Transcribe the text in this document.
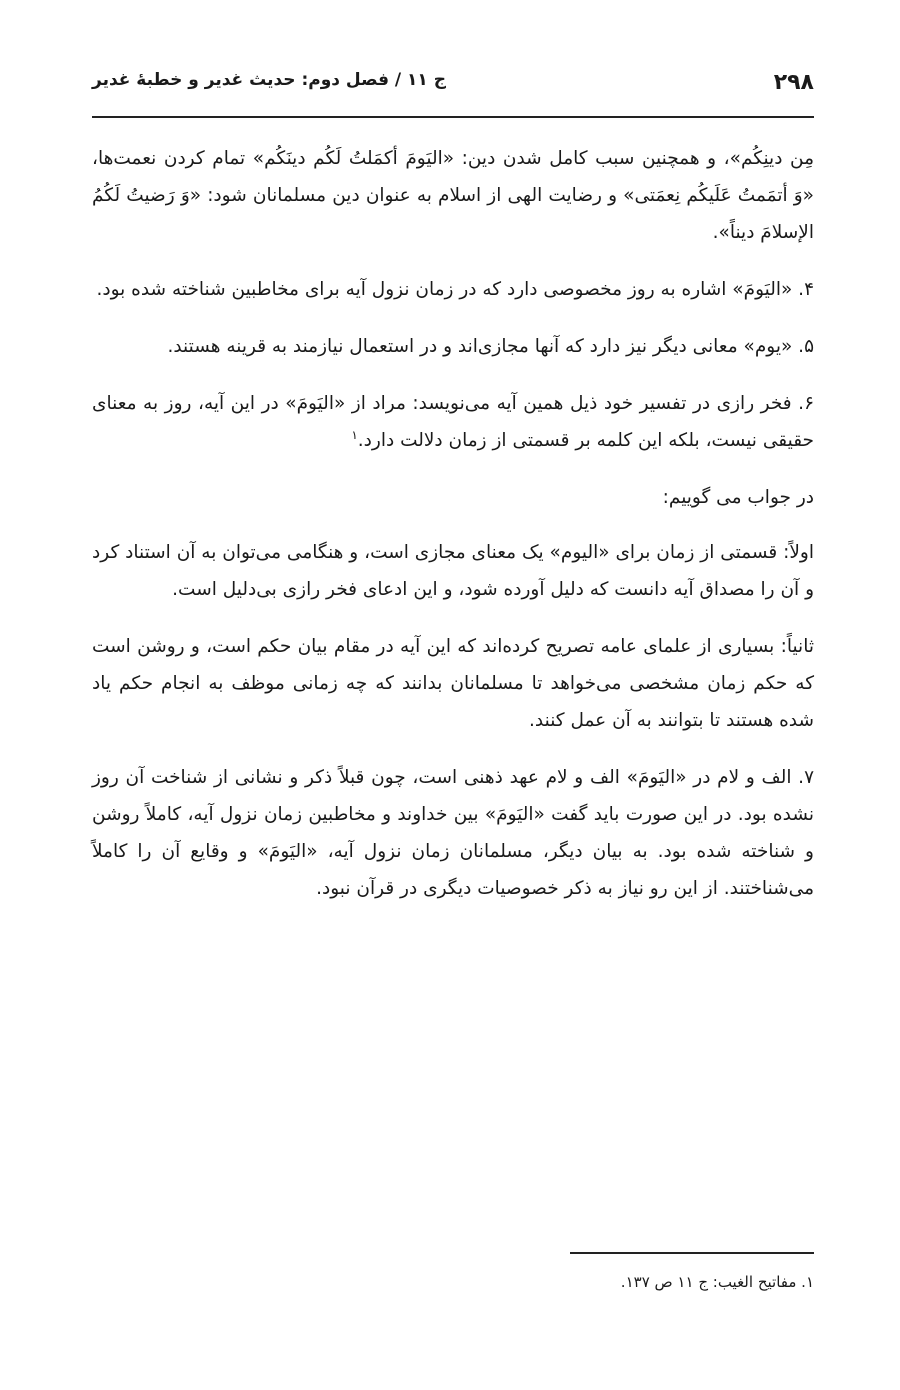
۲۹۸
ج ۱۱ / فصل دوم: حدیث غدیر و خطبهٔ غدیر

مِن دینِکُم»، و همچنین سبب کامل شدن دین: «الیَومَ أکمَلتُ لَکُم دینَکُم» تمام کردن نعمت‌ها، «وَ أتمَمتُ عَلَیکُم نِعمَتی» و رضایت الهی از اسلام به عنوان دین مسلمانان شود: «وَ رَضیتُ لَکُمُ الإسلامَ دیناً».

۴. «الیَومَ» اشاره به روز مخصوصی دارد که در زمان نزول آیه برای مخاطبین شناخته شده بود.

۵. «یوم» معانی دیگر نیز دارد که آنها مجازی‌اند و در استعمال نیازمند به قرینه هستند.

۶. فخر رازی در تفسیر خود ذیل همین آیه می‌نویسد: مراد از «الیَومَ» در این آیه، روز به معنای حقیقی نیست، بلکه این کلمه بر قسمتی از زمان دلالت دارد.$^۱$

در جواب می گوییم:

اولاً: قسمتی از زمان برای «الیوم» یک معنای مجازی است، و هنگامی می‌توان به آن استناد کرد و آن را مصداق آیه دانست که دلیل آورده شود، و این ادعای فخر رازی بی‌دلیل است.

ثانیاً: بسیاری از علمای عامه تصریح کرده‌اند که این آیه در مقام بیان حکم است، و روشن است که حکم زمان مشخصی می‌خواهد تا مسلمانان بدانند که چه زمانی موظف به انجام حکم یاد شده هستند تا بتوانند به آن عمل کنند.

۷. الف و لام در «الیَومَ» الف و لام عهد ذهنی است، چون قبلاً ذکر و نشانی از شناخت آن روز نشده بود. در این صورت باید گفت «الیَومَ» بین خداوند و مخاطبین زمان نزول آیه، کاملاً روشن و شناخته شده بود. به بیان دیگر، مسلمانان زمان نزول آیه، «الیَومَ» و وقایع آن را کاملاً می‌شناختند. از این رو نیاز به ذکر خصوصیات دیگری در قرآن نبود.

۱. مفاتیح الغیب: ج ۱۱ ص ۱۳۷.
